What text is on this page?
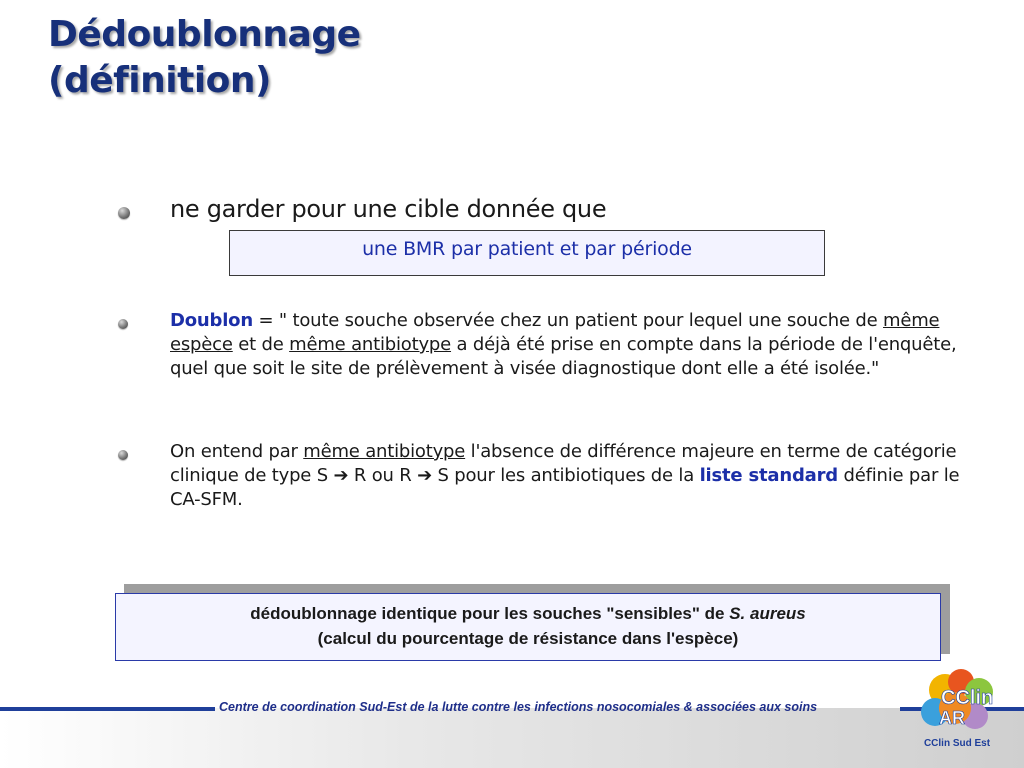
Dédoublonnage
(définition)
ne garder pour une cible donnée que
une BMR par patient et par période
Doublon = " toute souche observée chez un patient pour lequel une souche de même espèce et de même antibiotype a déjà été prise en compte dans la période de l'enquête, quel que soit le site de prélèvement à visée diagnostique dont elle a été isolée."
On entend par même antibiotype l'absence de différence majeure en terme de catégorie clinique de type S ➔ R ou R ➔ S pour les antibiotiques de la liste standard définie par le CA-SFM.
dédoublonnage identique pour les souches "sensibles" de S. aureus
(calcul du pourcentage de résistance dans l'espèce)
Centre de coordination Sud-Est de la lutte contre les infections nosocomiales & associées aux soins	CClin
AR
CClin Sud Est
